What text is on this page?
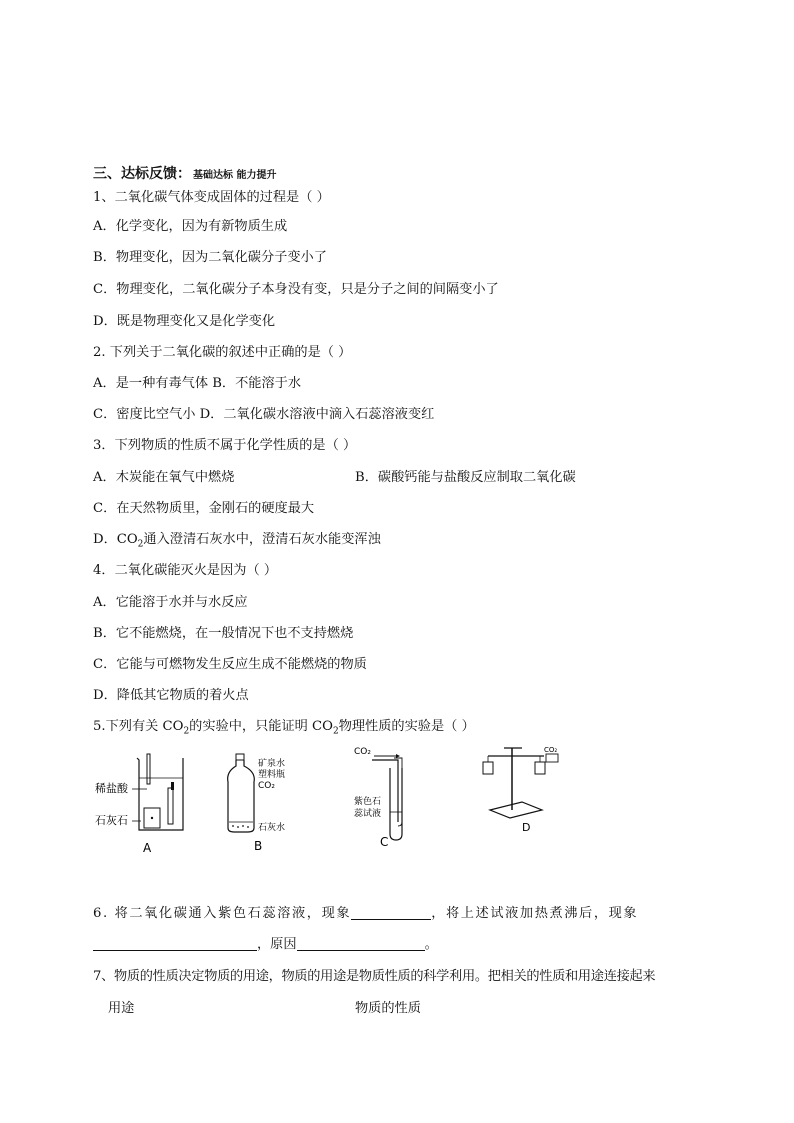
三、达标反馈： 基础达标 能力提升
1、二氧化碳气体变成固体的过程是（ ）
A．化学变化，因为有新物质生成
B．物理变化，因为二氧化碳分子变小了
C．物理变化，二氧化碳分子本身没有变，只是分子之间的间隔变小了
D．既是物理变化又是化学变化
2. 下列关于二氧化碳的叙述中正确的是（ ）
A．是一种有毒气体 B．不能溶于水
C．密度比空气小 D．二氧化碳水溶液中滴入石蕊溶液变红
3．下列物质的性质不属于化学性质的是（ ）
A．木炭能在氧气中燃烧	B．碳酸钙能与盐酸反应制取二氧化碳
C．在天然物质里，金刚石的硬度最大
D．$CO_2$通入澄清石灰水中，澄清石灰水能变浑浊
4．二氧化碳能灭火是因为（ ）
A．它能溶于水并与水反应
B．它不能燃烧，在一般情况下也不支持燃烧
C．它能与可燃物发生反应生成不能燃烧的物质
D．降低其它物质的着火点
5.下列有关 $CO_2$的实验中，只能证明 $CO_2$物理性质的实验是（ ）
稀盐酸
石灰石
A
矿泉水
塑料瓶
CO₂
石灰水
B
CO₂
紫色石
蕊试液
C
CO₂
D
6. 将二氧化碳通入紫色石蕊溶液，现象	，将上述试液加热煮沸后，现象
，原因	。
7、物质的性质决定物质的用途，物质的用途是物质性质的科学利用。把相关的性质和用途连接起来
用途	物质的性质
